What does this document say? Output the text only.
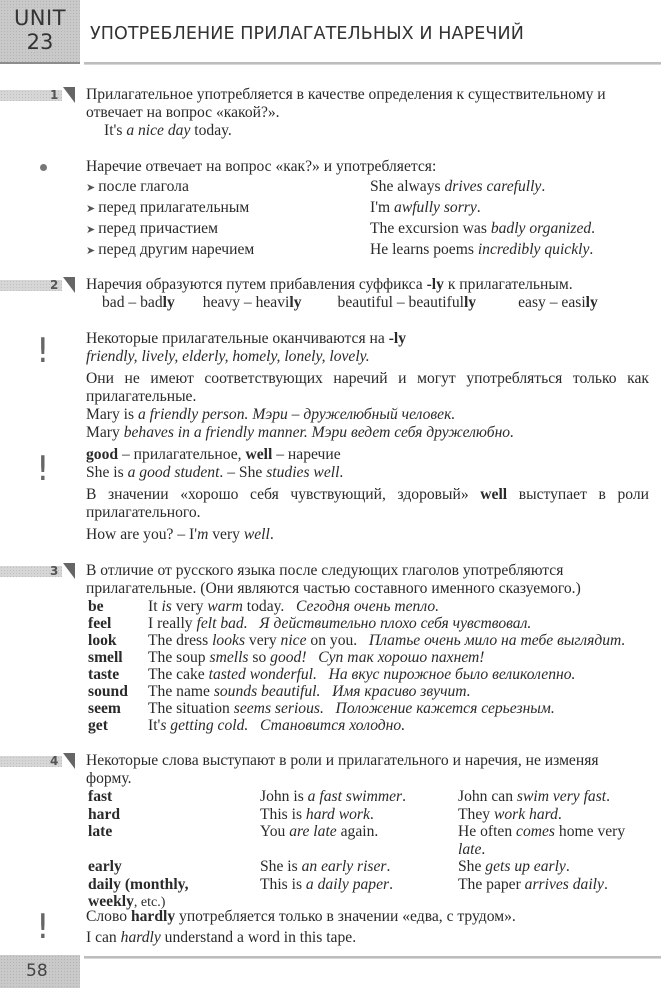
UNIT
23	УПОТРЕБЛЕНИЕ ПРИЛАГАТЕЛЬНЫХ И НАРЕЧИЙ
1 Прилагательное употребляется в качестве определения к существительному и
отвечает на вопрос «какой?».
It's a nice day today.
Наречие отвечает на вопрос «как?» и употребляется:
➤ после глагола	She always drives carefully.
➤ перед прилагательным	I'm awfully sorry.
➤ перед причастием	The excursion was badly organized.
➤ перед другим наречием	He learns poems incredibly quickly.
2 Наречия образуются путем прибавления суффикса -ly к прилагательным.
bad – badly heavy – heavily beautiful – beautifully	easy – easily
! Некоторые прилагательные оканчиваются на -ly
friendly, lively, elderly, homely, lonely, lovely.
Они не имеют соответствующих наречий и могут употребляться только как прилагательные.
Mary is a friendly person. Мэри – дружелюбный человек.
Mary behaves in a friendly manner. Мэри ведет себя дружелюбно.
! good – прилагательное, well – наречие
She is a good student. – She studies well.
В значении «хорошо себя чувствующий, здоровый» well выступает в роли прилагательного.
How are you? – I'm very well.
3 В отличие от русского языка после следующих глаголов употребляются
прилагательные. (Они являются частью составного именного сказуемого.)
be	It is very warm today.   Сегодня очень тепло.
feel	I really felt bad.   Я действительно плохо себя чувствовал.
look	The dress looks very nice on you.   Платье очень мило на тебе выглядит.
smell	The soup smells so good!   Суп так хорошо пахнет!
taste	The cake tasted wonderful.   На вкус пирожное было великолепно.
sound	The name sounds beautiful.   Имя красиво звучит.
seem	The situation seems serious.   Положение кажется серьезным.
get	It's getting cold.   Становится холодно.
4 Некоторые слова выступают в роли и прилагательного и наречия, не изменяя
форму.
fast	John is a fast swimmer.	John can swim very fast.
hard	This is hard work.	They work hard.
late	You are late again.	He often comes home very late.
early	She is an early riser.	She gets up early.
daily (monthly,	This is a daily paper.	The paper arrives daily.
weekly, etc.)
! Слово hardly употребляется только в значении «едва, с трудом».
I can hardly understand a word in this tape.
58
